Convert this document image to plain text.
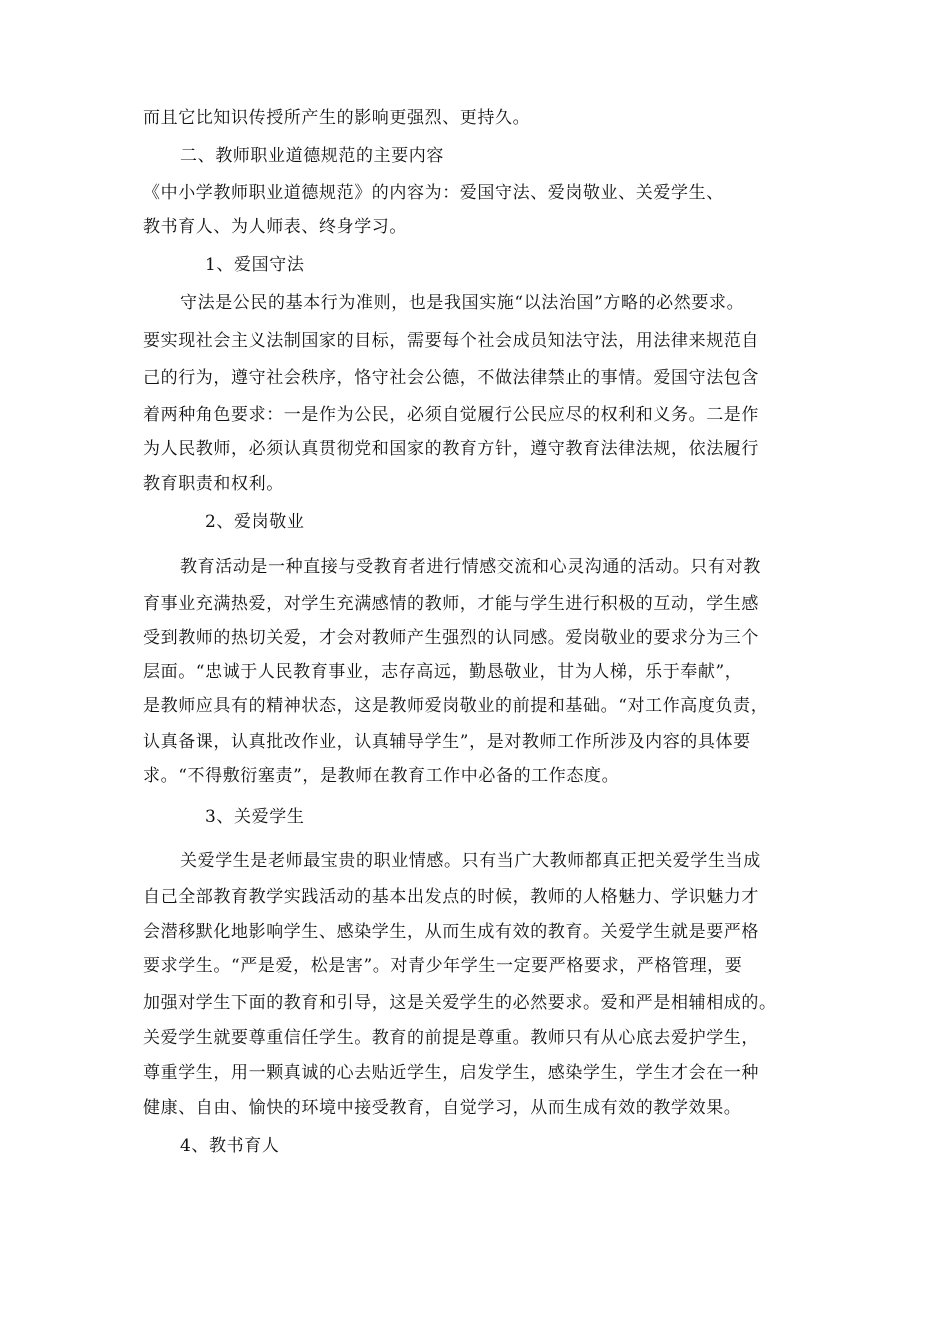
而且它比知识传授所产生的影响更强烈、更持久。
二、教师职业道德规范的主要内容
《中小学教师职业道德规范》的内容为：爱国守法、爱岗敬业、关爱学生、
教书育人、为人师表、终身学习。
1、爱国守法
守法是公民的基本行为准则，也是我国实施“以法治国”方略的必然要求。
要实现社会主义法制国家的目标，需要每个社会成员知法守法，用法律来规范自
己的行为，遵守社会秩序，恪守社会公德，不做法律禁止的事情。爱国守法包含
着两种角色要求：一是作为公民，必须自觉履行公民应尽的权利和义务。二是作
为人民教师，必须认真贯彻党和国家的教育方针，遵守教育法律法规，依法履行
教育职责和权利。
2、爱岗敬业
教育活动是一种直接与受教育者进行情感交流和心灵沟通的活动。只有对教
育事业充满热爱，对学生充满感情的教师，才能与学生进行积极的互动，学生感
受到教师的热切关爱，才会对教师产生强烈的认同感。爱岗敬业的要求分为三个
层面。“忠诚于人民教育事业，志存高远，勤恳敬业，甘为人梯，乐于奉献”，
是教师应具有的精神状态，这是教师爱岗敬业的前提和基础。“对工作高度负责，
认真备课，认真批改作业，认真辅导学生”，是对教师工作所涉及内容的具体要
求。“不得敷衍塞责”，是教师在教育工作中必备的工作态度。
3、关爱学生
关爱学生是老师最宝贵的职业情感。只有当广大教师都真正把关爱学生当成
自己全部教育教学实践活动的基本出发点的时候，教师的人格魅力、学识魅力才
会潜移默化地影响学生、感染学生，从而生成有效的教育。关爱学生就是要严格
要求学生。“严是爱，松是害”。对青少年学生一定要严格要求，严格管理，要
加强对学生下面的教育和引导，这是关爱学生的必然要求。爱和严是相辅相成的。
关爱学生就要尊重信任学生。教育的前提是尊重。教师只有从心底去爱护学生，
尊重学生，用一颗真诚的心去贴近学生，启发学生，感染学生，学生才会在一种
健康、自由、愉快的环境中接受教育，自觉学习，从而生成有效的教学效果。
4、教书育人
